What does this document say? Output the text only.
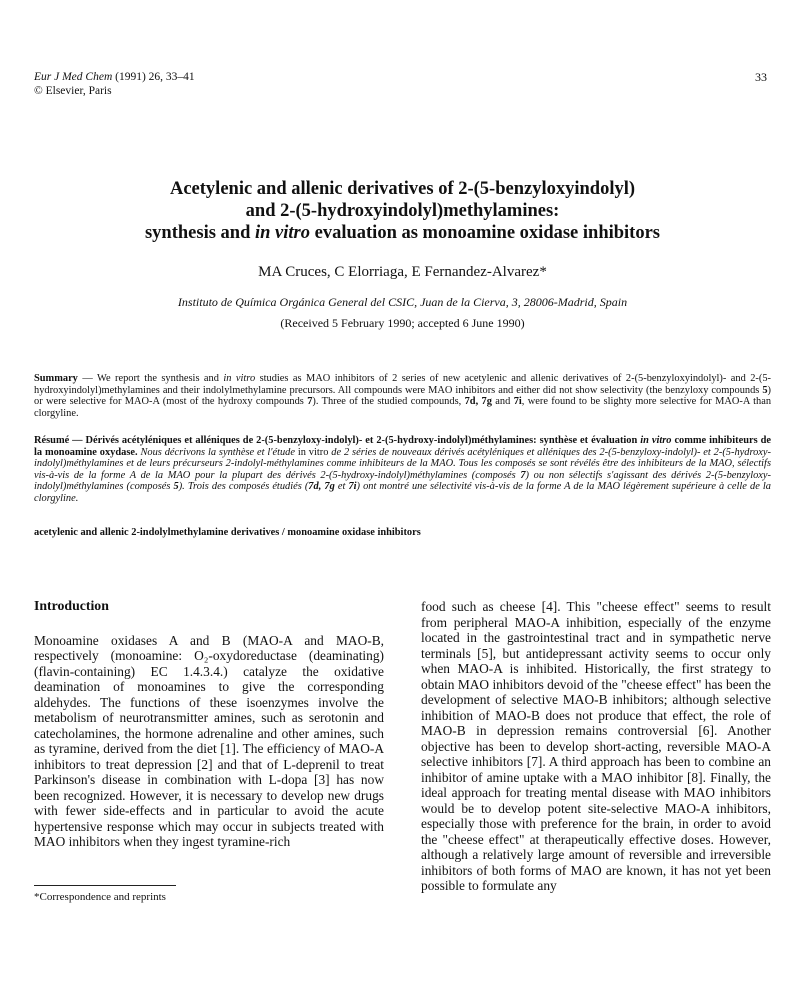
Eur J Med Chem (1991) 26, 33–41
© Elsevier, Paris
33
Acetylenic and allenic derivatives of 2-(5-benzyloxyindolyl)
and 2-(5-hydroxyindolyl)methylamines:
synthesis and in vitro evaluation as monoamine oxidase inhibitors
MA Cruces, C Elorriaga, E Fernandez-Alvarez*
Instituto de Química Orgánica General del CSIC, Juan de la Cierva, 3, 28006-Madrid, Spain
(Received 5 February 1990; accepted 6 June 1990)
Summary — We report the synthesis and in vitro studies as MAO inhibitors of 2 series of new acetylenic and allenic derivatives of 2-(5-benzyloxyindolyl)- and 2-(5-hydroxyindolyl)methylamines and their indolylmethylamine precursors. All compounds were MAO inhibitors and either did not show selectivity (the benzyloxy compounds 5) or were selective for MAO-A (most of the hydroxy compounds 7). Three of the studied compounds, 7d, 7g and 7i, were found to be slighty more selective for MAO-A than clorgyline.
Résumé — Dérivés acétyléniques et alléniques de 2-(5-benzyloxy-indolyl)- et 2-(5-hydroxy-indolyl)méthylamines: synthèse et évaluation in vitro comme inhibiteurs de la monoamine oxydase. Nous décrivons la synthèse et l'étude in vitro de 2 séries de nouveaux dérivés acétyléniques et alléniques des 2-(5-benzyloxy-indolyl)- et 2-(5-hydroxy-indolyl)méthylamines et de leurs précurseurs 2-indolyl-méthylamines comme inhibiteurs de la MAO. Tous les composés se sont révélés être des inhibiteurs de la MAO, sélectifs vis-à-vis de la forme A de la MAO pour la plupart des dérivés 2-(5-hydroxy-indolyl)méthylamines (composés 7) ou non sélectifs s'agissant des dérivés 2-(5-benzyloxy-indolyl)méthylamines (composés 5). Trois des composés étudiés (7d, 7g et 7i) ont montré une sélectivité vis-à-vis de la forme A de la MAO légèrement supérieure à celle de la clorgyline.
acetylenic and allenic 2-indolylmethylamine derivatives / monoamine oxidase inhibitors
Introduction

Monoamine oxidases A and B (MAO-A and MAO-B, respectively (monoamine: O₂-oxydoreductase (deaminating) (flavin-containing) EC 1.4.3.4.) catalyze the oxidative deamination of monoamines to give the corresponding aldehydes. The functions of these isoenzymes involve the metabolism of neurotransmitter amines, such as serotonin and catecholamines, the hormone adrenaline and other amines, such as tyramine, derived from the diet [1]. The efficiency of MAO-A inhibitors to treat depression [2] and that of L-deprenil to treat Parkinson's disease in combination with L-dopa [3] has now been recognized. However, it is necessary to develop new drugs with fewer side-effects and in particular to avoid the acute hypertensive response which may occur in subjects treated with MAO inhibitors when they ingest tyramine-rich

food such as cheese [4]. This "cheese effect" seems to result from peripheral MAO-A inhibition, especially of the enzyme located in the gastrointestinal tract and in sympathetic nerve terminals [5], but antidepressant activity seems to occur only when MAO-A is inhibited. Historically, the first strategy to obtain MAO inhibitors devoid of the "cheese effect" has been the development of selective MAO-B inhibitors; although selective inhibition of MAO-B does not produce that effect, the role of MAO-B in depression remains controversial [6]. Another objective has been to develop short-acting, reversible MAO-A selective inhibitors [7]. A third approach has been to combine an inhibitor of amine uptake with a MAO inhibitor [8]. Finally, the ideal approach for treating mental disease with MAO inhibitors would be to develop potent site-selective MAO-A inhibitors, especially those with preference for the brain, in order to avoid the "cheese effect" at therapeutically effective doses. However, although a relatively large amount of reversible and irreversible inhibitors of both forms of MAO are known, it has not yet been possible to formulate any

*Correspondence and reprints
